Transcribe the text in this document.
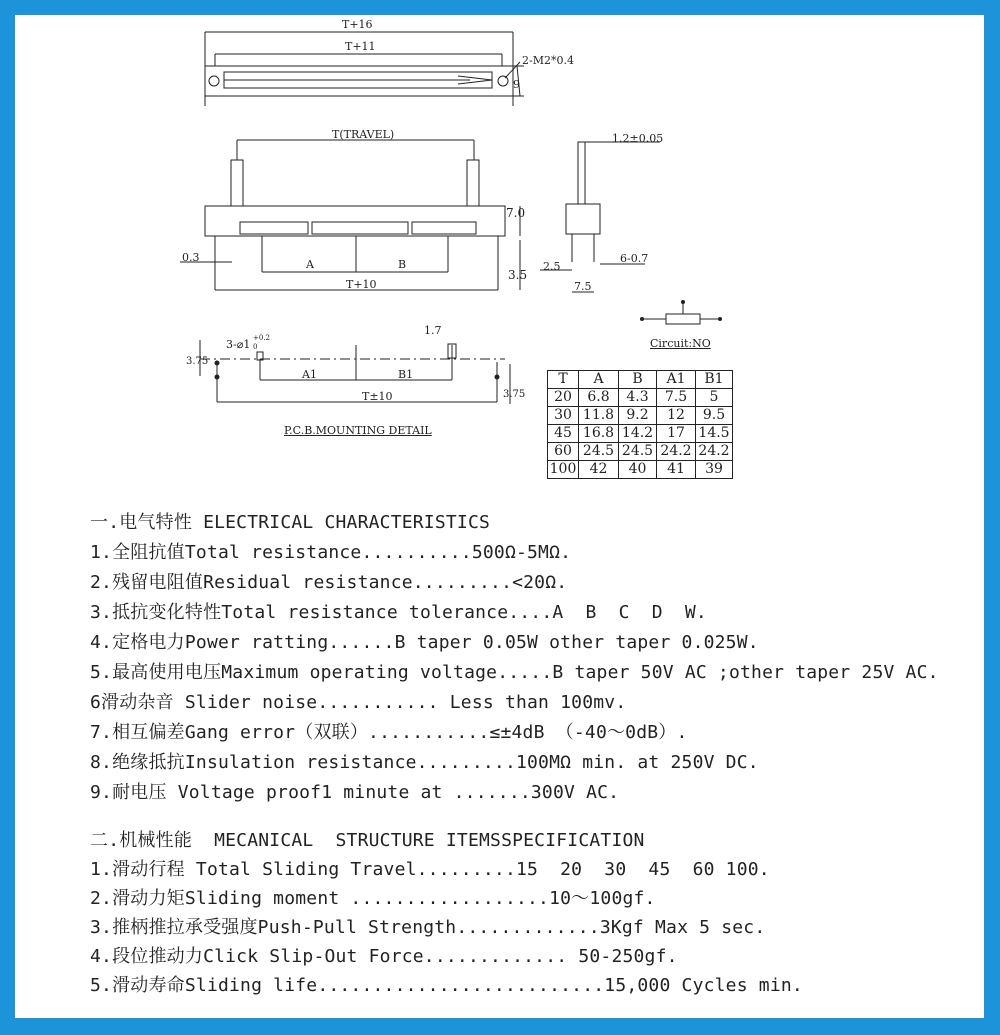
T+16
T+11
2-M2*0.4
9
T(TRAVEL)
7.0
0.3
A	B
3.5
T+10
1.2±0.05
2.5
6-0.7
7.5
Circuit:NO
3-⌀1 +0.2
0
1.7
3.75
A1	B1
T±10	3.75
P.C.B.MOUNTING DETAIL
T	A	B	A1	B1
20	6.8	4.3	7.5	5
30	11.8	9.2	12	9.5
45	16.8	14.2	17	14.5
60	24.5	24.5	24.2	24.2
100	42	40	41	39
一.电气特性 ELECTRICAL CHARACTERISTICS
1.全阻抗值Total resistance..........500Ω-5MΩ.
2.残留电阻值Residual resistance.........<20Ω.
3.抵抗变化特性Total resistance tolerance....A  B  C  D  W.
4.定格电力Power ratting......B taper 0.05W other taper 0.025W.
5.最高使用电压Maximum operating voltage.....B taper 50V AC ;other taper 25V AC.
6滑动杂音 Slider noise........... Less than 100mv.
7.相互偏差Gang error（双联）...........≤±4dB （-40～0dB）.
8.绝缘抵抗Insulation resistance.........100MΩ min. at 250V DC.
9.耐电压 Voltage proof1 minute at .......300V AC.
二.机械性能  MECANICAL  STRUCTURE ITEMSSPECIFICATION
1.滑动行程 Total Sliding Travel.........15  20  30  45  60 100.
2.滑动力矩Sliding moment ..................10～100gf.
3.推柄推拉承受强度Push-Pull Strength.............3Kgf Max 5 sec.
4.段位推动力Click Slip-Out Force............. 50-250gf.
5.滑动寿命Sliding life..........................15,000 Cycles min.
